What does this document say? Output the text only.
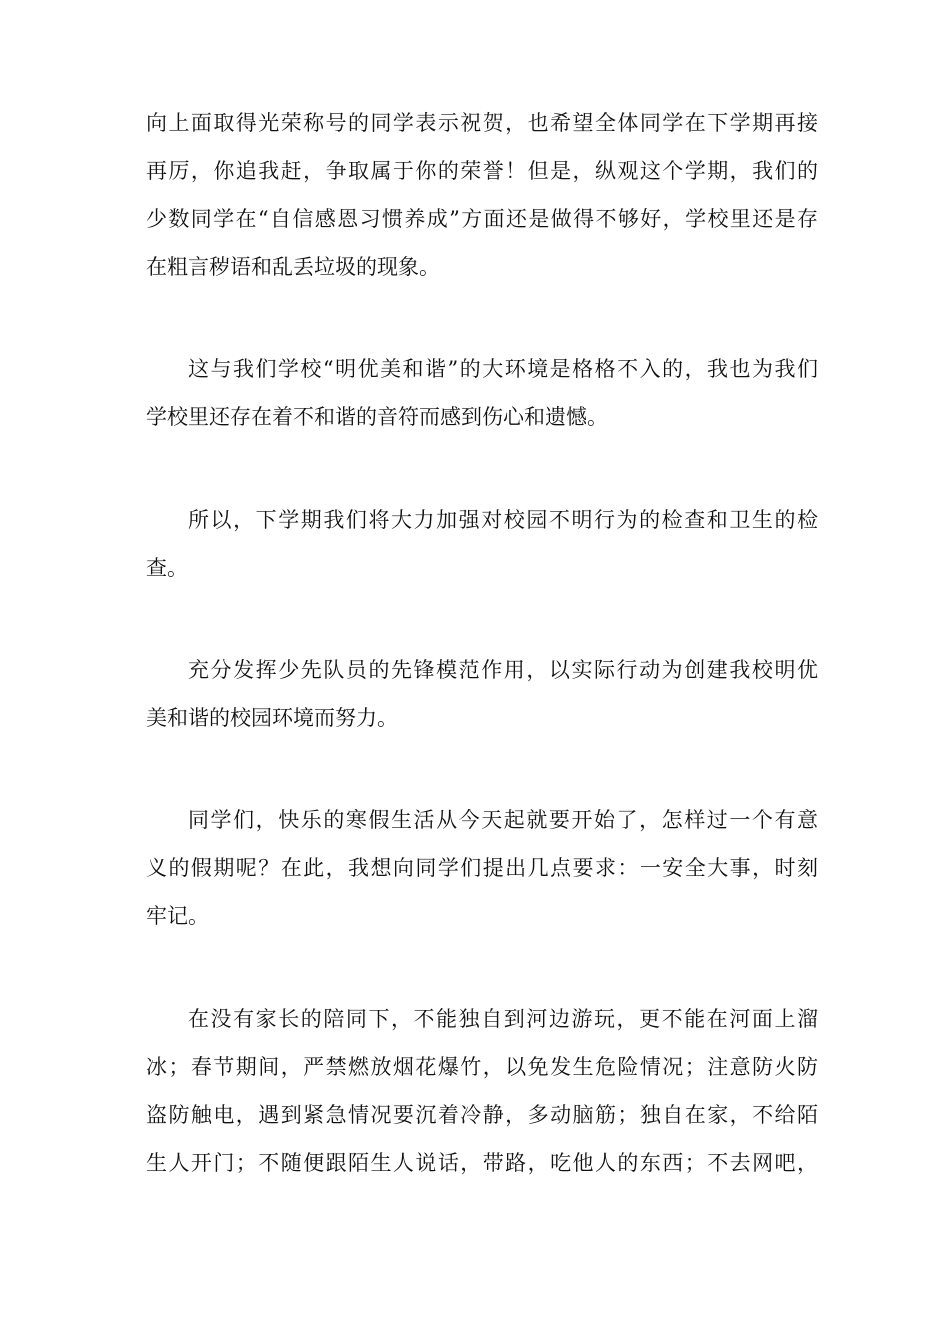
向上面取得光荣称号的同学表示祝贺，也希望全体同学在下学期再接
再厉，你追我赶，争取属于你的荣誉！但是，纵观这个学期，我们的
少数同学在“自信感恩习惯养成”方面还是做得不够好，学校里还是存
在粗言秽语和乱丢垃圾的现象。
这与我们学校“明优美和谐”的大环境是格格不入的，我也为我们
学校里还存在着不和谐的音符而感到伤心和遗憾。
所以，下学期我们将大力加强对校园不明行为的检查和卫生的检
查。
充分发挥少先队员的先锋模范作用，以实际行动为创建我校明优
美和谐的校园环境而努力。
同学们，快乐的寒假生活从今天起就要开始了，怎样过一个有意
义的假期呢？在此，我想向同学们提出几点要求：一安全大事，时刻
牢记。
在没有家长的陪同下，不能独自到河边游玩，更不能在河面上溜
冰；春节期间，严禁燃放烟花爆竹，以免发生危险情况；注意防火防
盗防触电，遇到紧急情况要沉着冷静，多动脑筋；独自在家，不给陌
生人开门；不随便跟陌生人说话，带路，吃他人的东西；不去网吧，
